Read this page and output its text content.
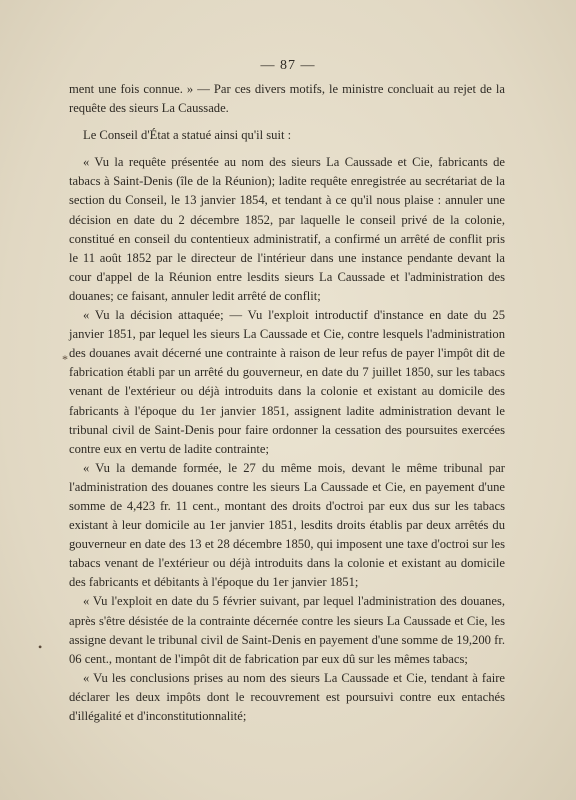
— 87 —

ment une fois connue. » — Par ces divers motifs, le ministre concluait au rejet de la requête des sieurs La Caussade.

Le Conseil d'État a statué ainsi qu'il suit :

« Vu la requête présentée au nom des sieurs La Caussade et Cie, fabricants de tabacs à Saint-Denis (île de la Réunion); ladite requête enregistrée au secrétariat de la section du Conseil, le 13 janvier 1854, et tendant à ce qu'il nous plaise : annuler une décision en date du 2 décembre 1852, par laquelle le conseil privé de la colonie, constitué en conseil du contentieux administratif, a confirmé un arrêté de conflit pris le 11 août 1852 par le directeur de l'intérieur dans une instance pendante devant la cour d'appel de la Réunion entre lesdits sieurs La Caussade et l'administration des douanes; ce faisant, annuler ledit arrêté de conflit;

« Vu la décision attaquée; — Vu l'exploit introductif d'instance en date du 25 janvier 1851, par lequel les sieurs La Caussade et Cie, contre lesquels l'administration des douanes avait décerné une contrainte à raison de leur refus de payer l'impôt dit de fabrication établi par un arrêté du gouverneur, en date du 7 juillet 1850, sur les tabacs venant de l'extérieur ou déjà introduits dans la colonie et existant au domicile des fabricants à l'époque du 1er janvier 1851, assignent ladite administration devant le tribunal civil de Saint-Denis pour faire ordonner la cessation des poursuites exercées contre eux en vertu de ladite contrainte;

« Vu la demande formée, le 27 du même mois, devant le même tribunal par l'administration des douanes contre les sieurs La Caussade et Cie, en payement d'une somme de 4,423 fr. 11 cent., montant des droits d'octroi par eux dus sur les tabacs existant à leur domicile au 1er janvier 1851, lesdits droits établis par deux arrêtés du gouverneur en date des 13 et 28 décembre 1850, qui imposent une taxe d'octroi sur les tabacs venant de l'extérieur ou déjà introduits dans la colonie et existant au domicile des fabricants et débitants à l'époque du 1er janvier 1851;

« Vu l'exploit en date du 5 février suivant, par lequel l'administration des douanes, après s'être désistée de la contrainte décernée contre les sieurs La Caussade et Cie, les assigne devant le tribunal civil de Saint-Denis en payement d'une somme de 19,200 fr. 06 cent., montant de l'impôt dit de fabrication par eux dû sur les mêmes tabacs;

« Vu les conclusions prises au nom des sieurs La Caussade et Cie, tendant à faire déclarer les deux impôts dont le recouvrement est poursuivi contre eux entachés d'illégalité et d'inconstitutionnalité;

*
•
